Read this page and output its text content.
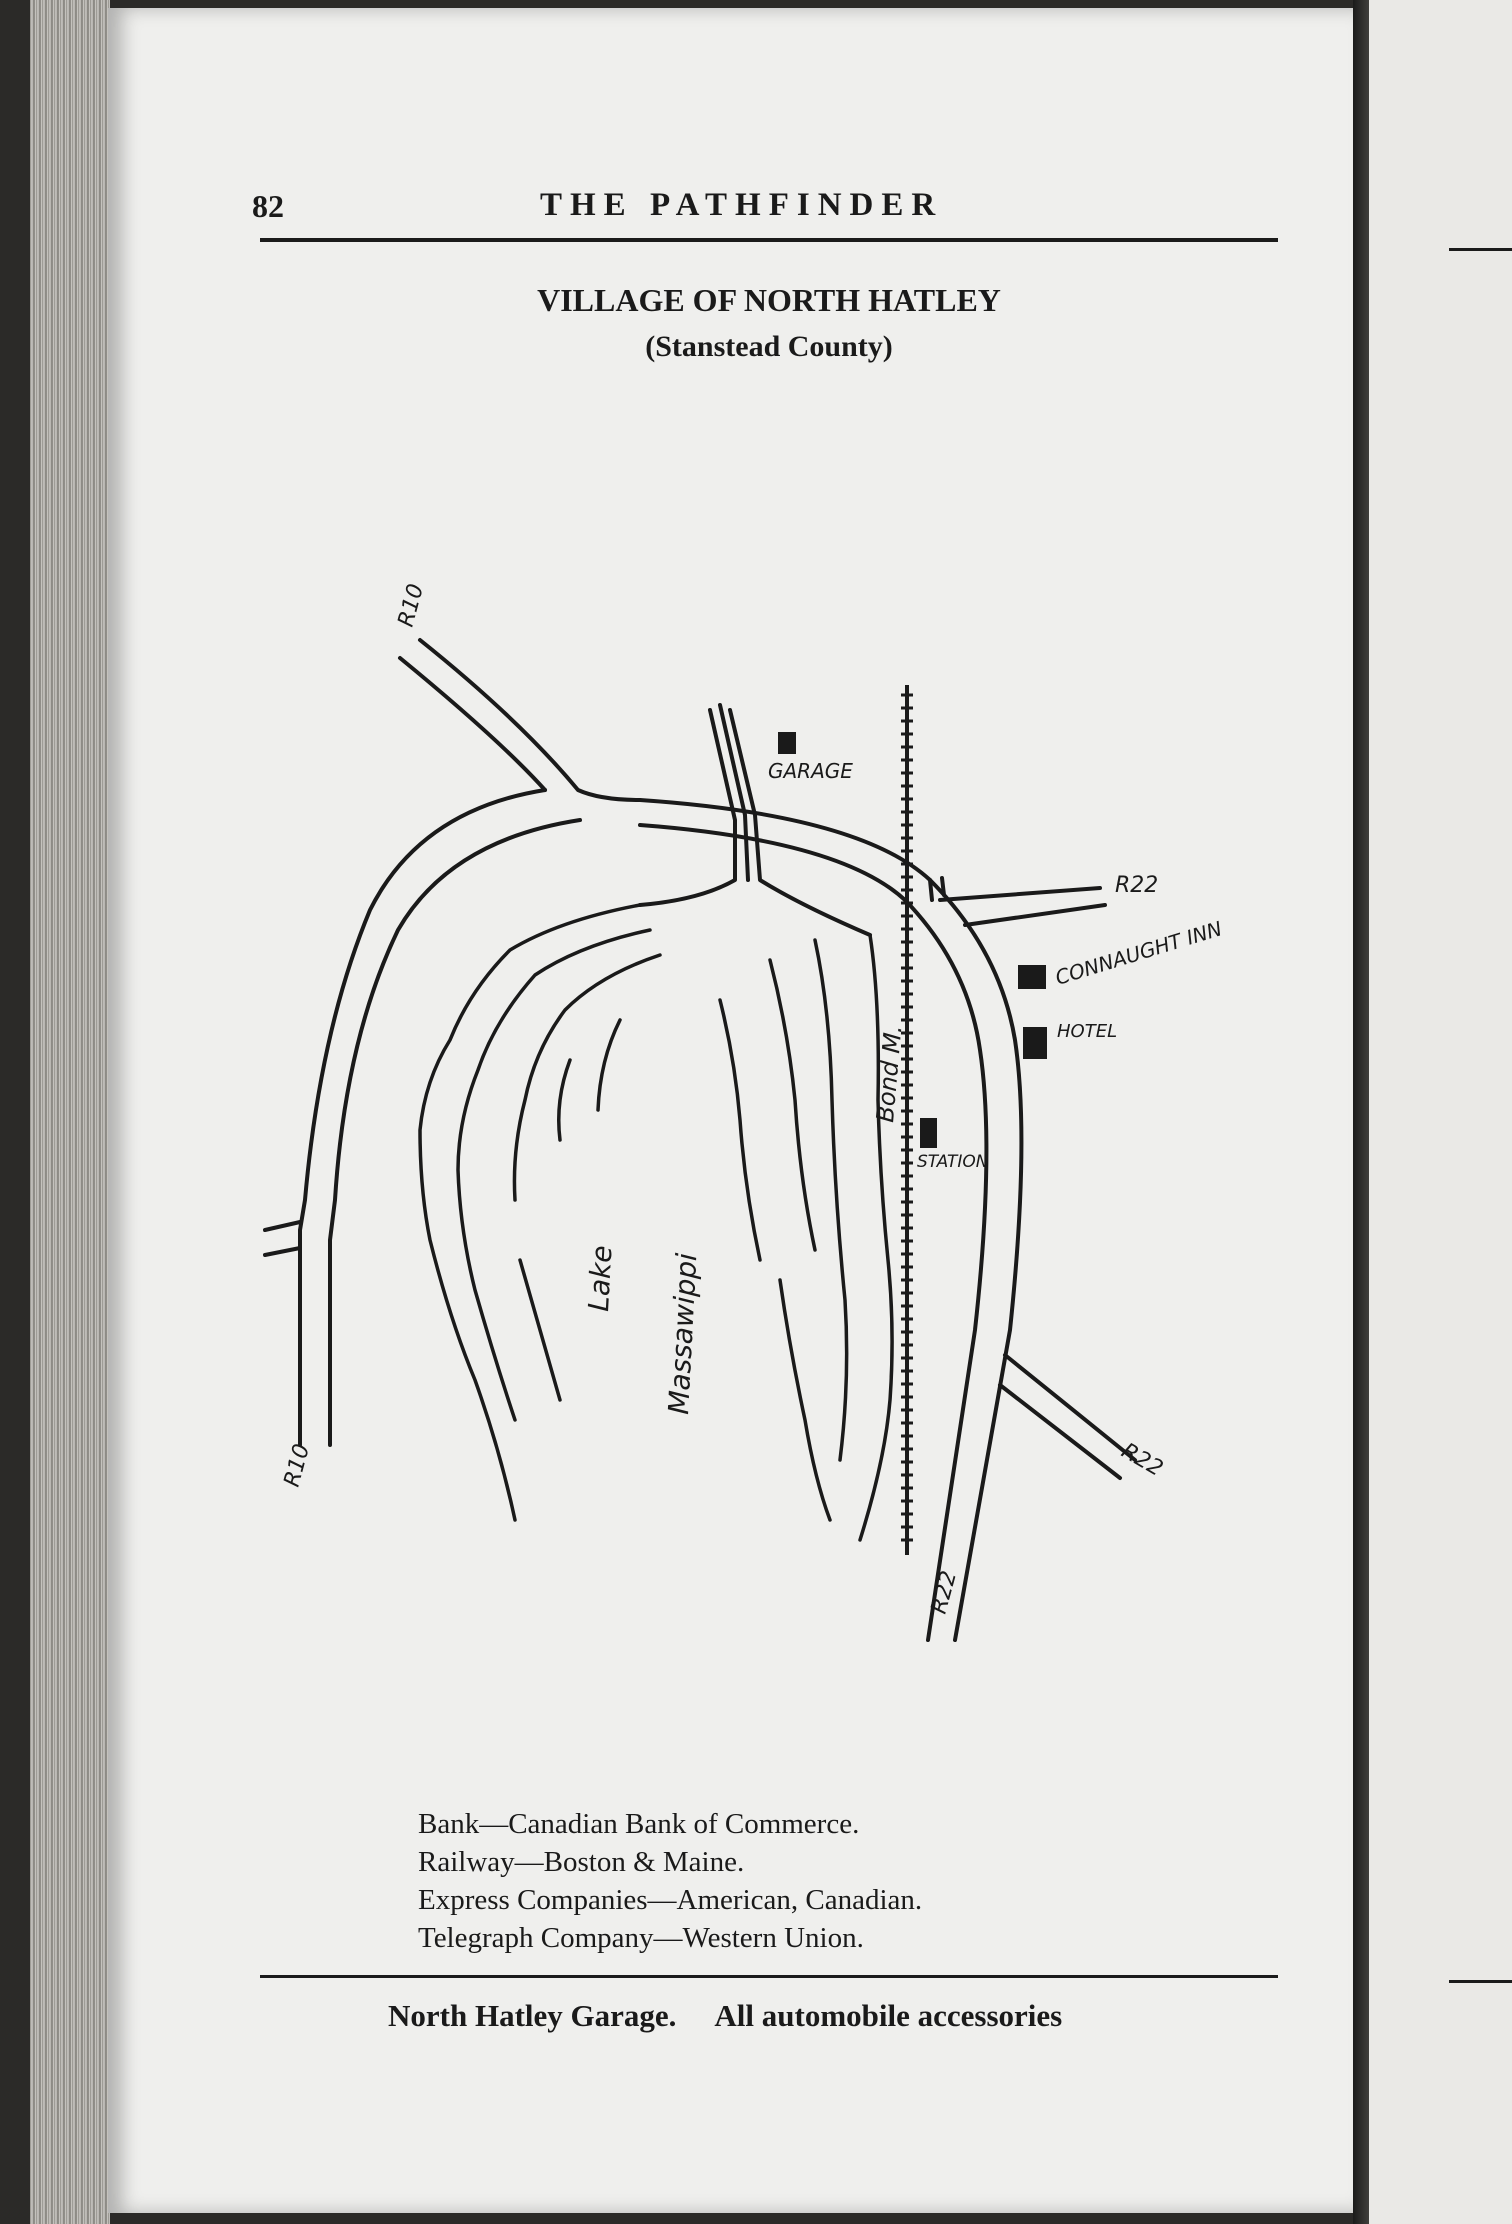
82	THE PATHFINDER
VILLAGE OF NORTH HATLEY
(Stanstead County)
R10
R10
R22
R22
R22
GARAGE
CONNAUGHT INN
HOTEL
STATION
Bond M.
Lake Massawippi
Bank—Canadian Bank of Commerce.
Railway—Boston & Maine.
Express Companies—American, Canadian.
Telegraph Company—Western Union.
North Hatley Garage. All automobile accessories
